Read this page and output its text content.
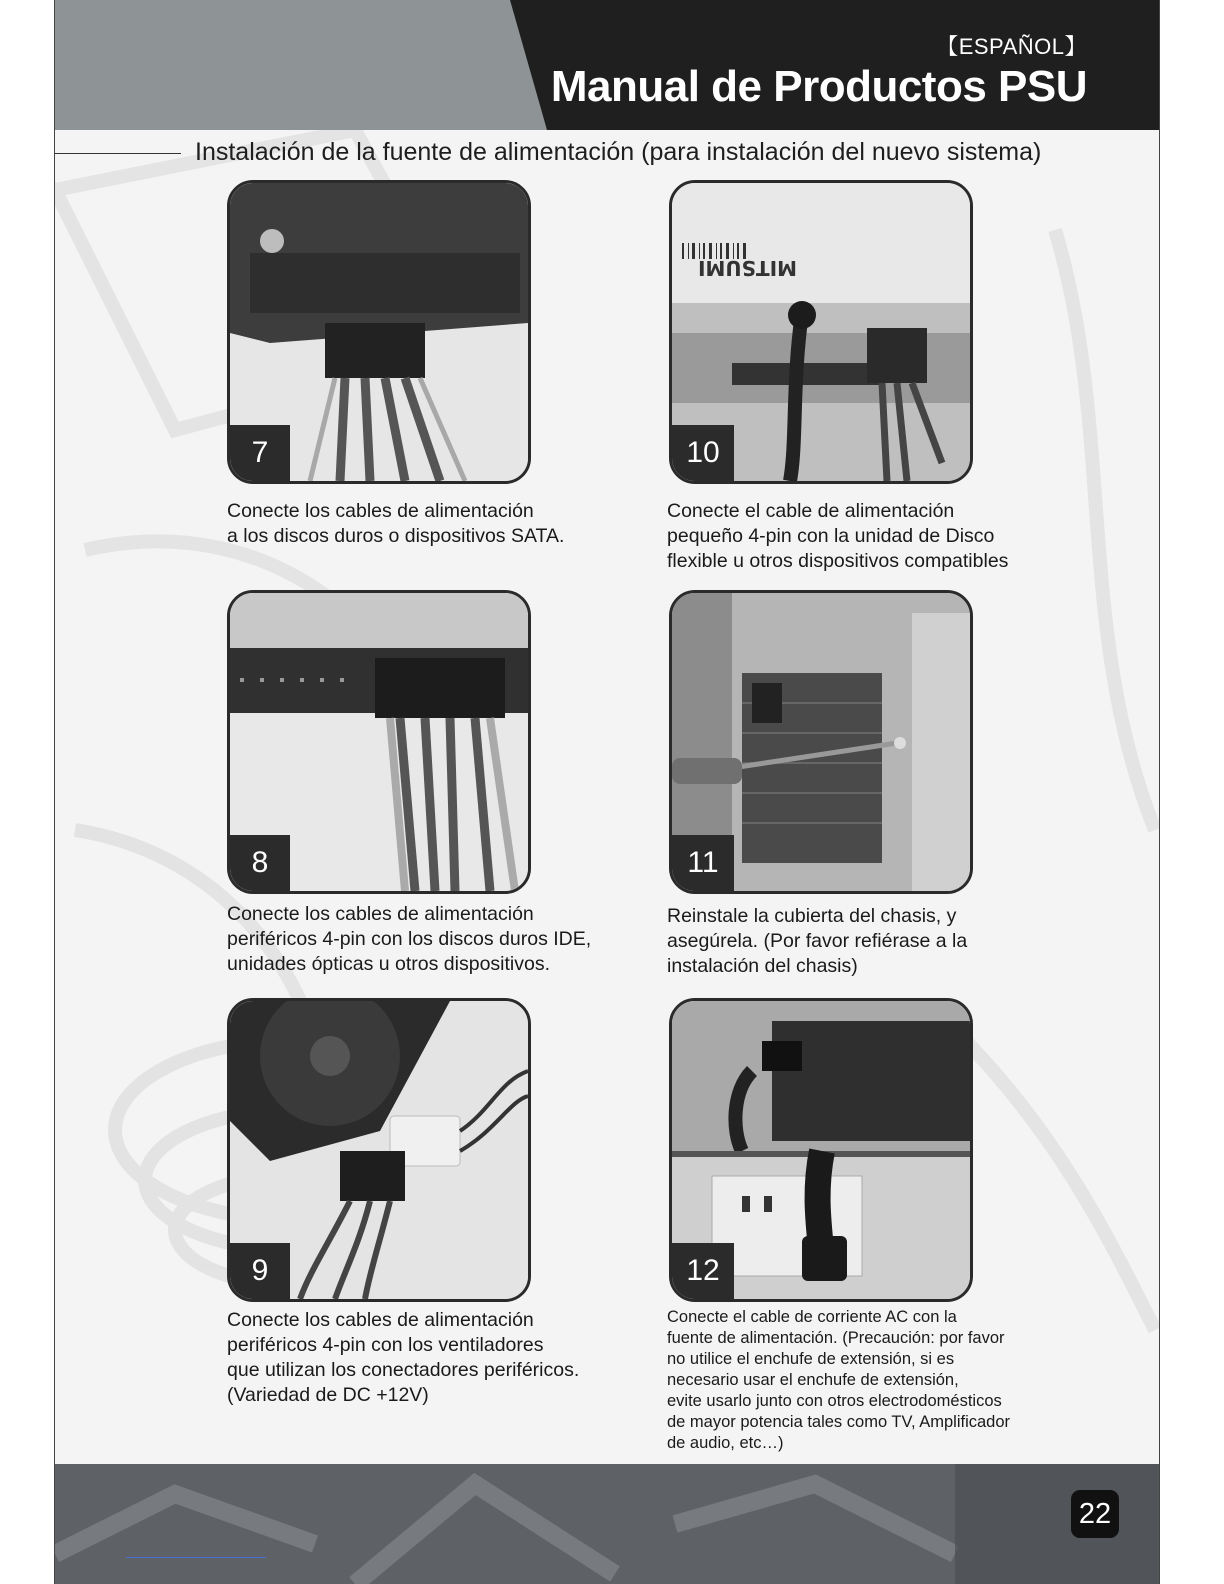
【ESPAÑOL】
Manual de Productos PSU
Instalación de la fuente de alimentación (para instalación del nuevo sistema)
7
Conecte los cables de alimentación
a los discos duros o dispositivos SATA.
MITSUMI
10
Conecte el cable de alimentación
pequeño 4-pin con la unidad de Disco
flexible u otros dispositivos compatibles
8
Conecte los cables de alimentación
periféricos 4-pin con los discos duros IDE,
unidades ópticas u otros dispositivos.
11
Reinstale la cubierta del chasis, y
asegúrela. (Por favor refiérase a la
instalación del chasis)
9
Conecte los cables de alimentación
periféricos 4-pin con los ventiladores
que utilizan los conectadores periféricos.
(Variedad de DC +12V)
12
Conecte el cable de corriente AC con la
fuente de alimentación. (Precaución: por favor
no utilice el enchufe de extensión, si es
necesario usar el enchufe de extensión,
evite usarlo junto con otros electrodomésticos
de mayor potencia tales como TV, Amplificador
de audio, etc…)
22
